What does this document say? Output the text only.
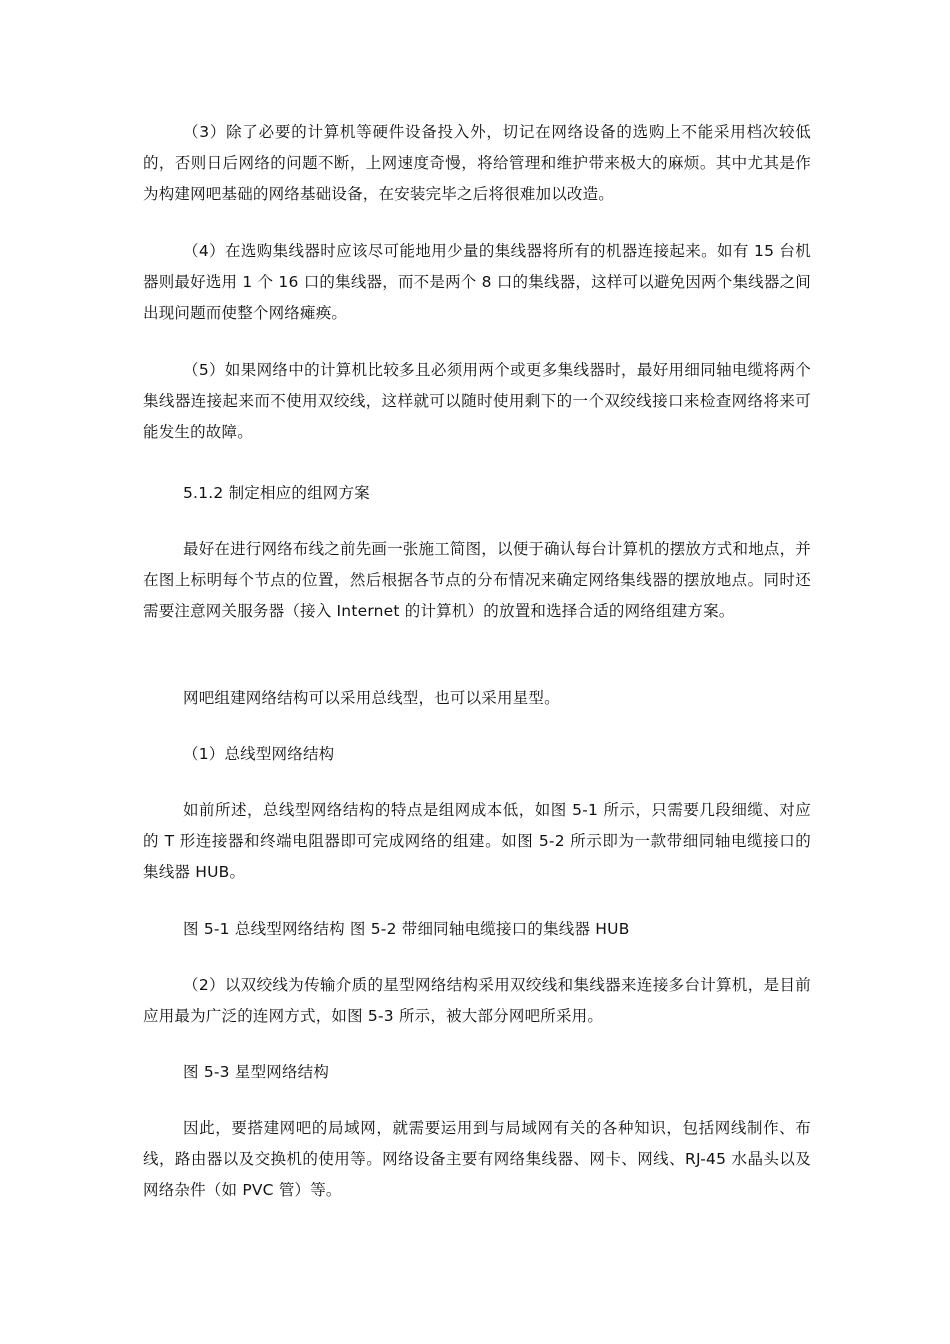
（3）除了必要的计算机等硬件设备投入外，切记在网络设备的选购上不能采用档次较低的，否则日后网络的问题不断，上网速度奇慢，将给管理和维护带来极大的麻烦。其中尤其是作为构建网吧基础的网络基础设备，在安装完毕之后将很难加以改造。

（4）在选购集线器时应该尽可能地用少量的集线器将所有的机器连接起来。如有 15 台机器则最好选用 1 个 16 口的集线器，而不是两个 8 口的集线器，这样可以避免因两个集线器之间出现问题而使整个网络瘫痪。

（5）如果网络中的计算机比较多且必须用两个或更多集线器时，最好用细同轴电缆将两个集线器连接起来而不使用双绞线，这样就可以随时使用剩下的一个双绞线接口来检查网络将来可能发生的故障。

5.1.2 制定相应的组网方案

最好在进行网络布线之前先画一张施工简图，以便于确认每台计算机的摆放方式和地点，并在图上标明每个节点的位置，然后根据各节点的分布情况来确定网络集线器的摆放地点。同时还需要注意网关服务器（接入 Internet 的计算机）的放置和选择合适的网络组建方案。

网吧组建网络结构可以采用总线型，也可以采用星型。

（1）总线型网络结构

如前所述，总线型网络结构的特点是组网成本低，如图 5-1 所示，只需要几段细缆、对应的 T 形连接器和终端电阻器即可完成网络的组建。如图 5-2 所示即为一款带细同轴电缆接口的集线器 HUB。

图 5-1 总线型网络结构 图 5-2 带细同轴电缆接口的集线器 HUB

（2）以双绞线为传输介质的星型网络结构采用双绞线和集线器来连接多台计算机，是目前应用最为广泛的连网方式，如图 5-3 所示，被大部分网吧所采用。

图 5-3 星型网络结构

因此，要搭建网吧的局域网，就需要运用到与局域网有关的各种知识，包括网线制作、布线，路由器以及交换机的使用等。网络设备主要有网络集线器、网卡、网线、RJ-45 水晶头以及网络杂件（如 PVC 管）等。
